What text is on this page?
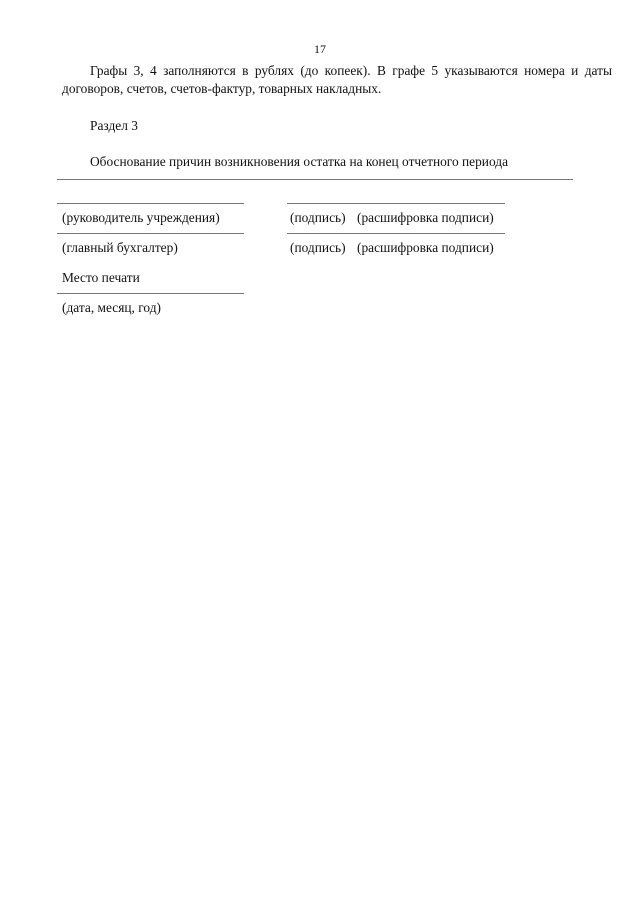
17
Графы 3, 4 заполняются в рублях (до копеек). В графе 5 указываются номера и даты
договоров, счетов, счетов-фактур, товарных накладных.
Раздел 3
Обоснование причин возникновения остатка на конец отчетного периода
(руководитель учреждения)	(подпись) (расшифровка подписи)
(главный бухгалтер)	(подпись) (расшифровка подписи)
Место печати
(дата, месяц, год)
